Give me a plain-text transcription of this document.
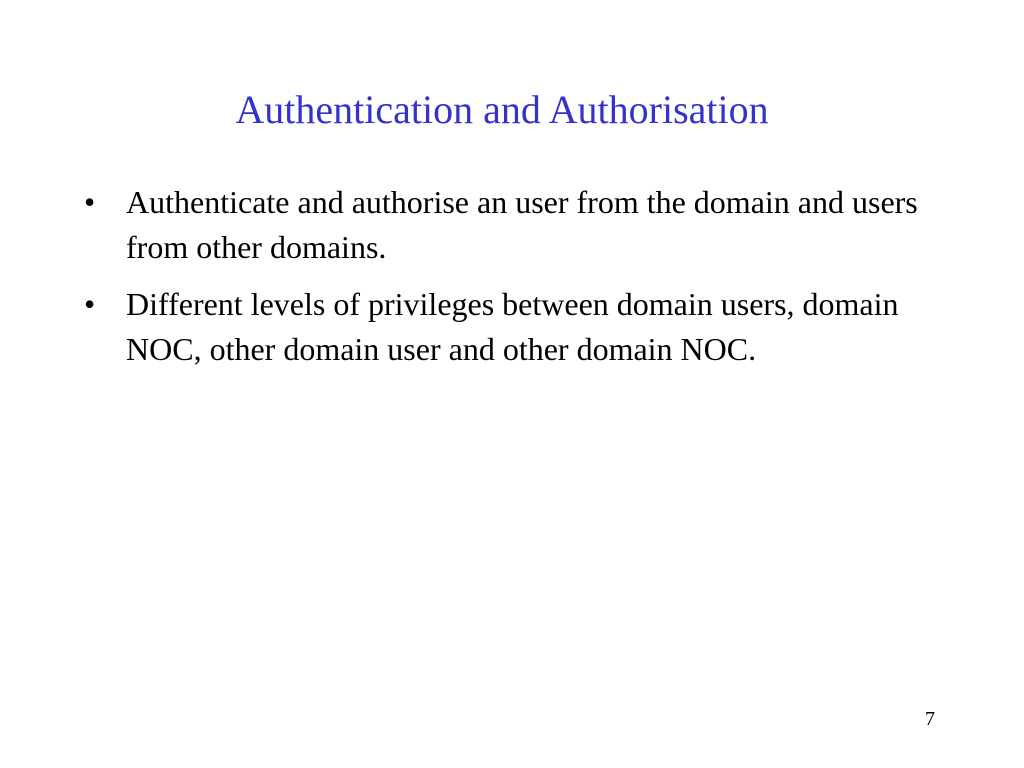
Authentication and Authorisation
• Authenticate and authorise an user from the domain and users from other domains.
• Different levels of privileges between domain users, domain NOC, other domain user and other domain NOC.
7
